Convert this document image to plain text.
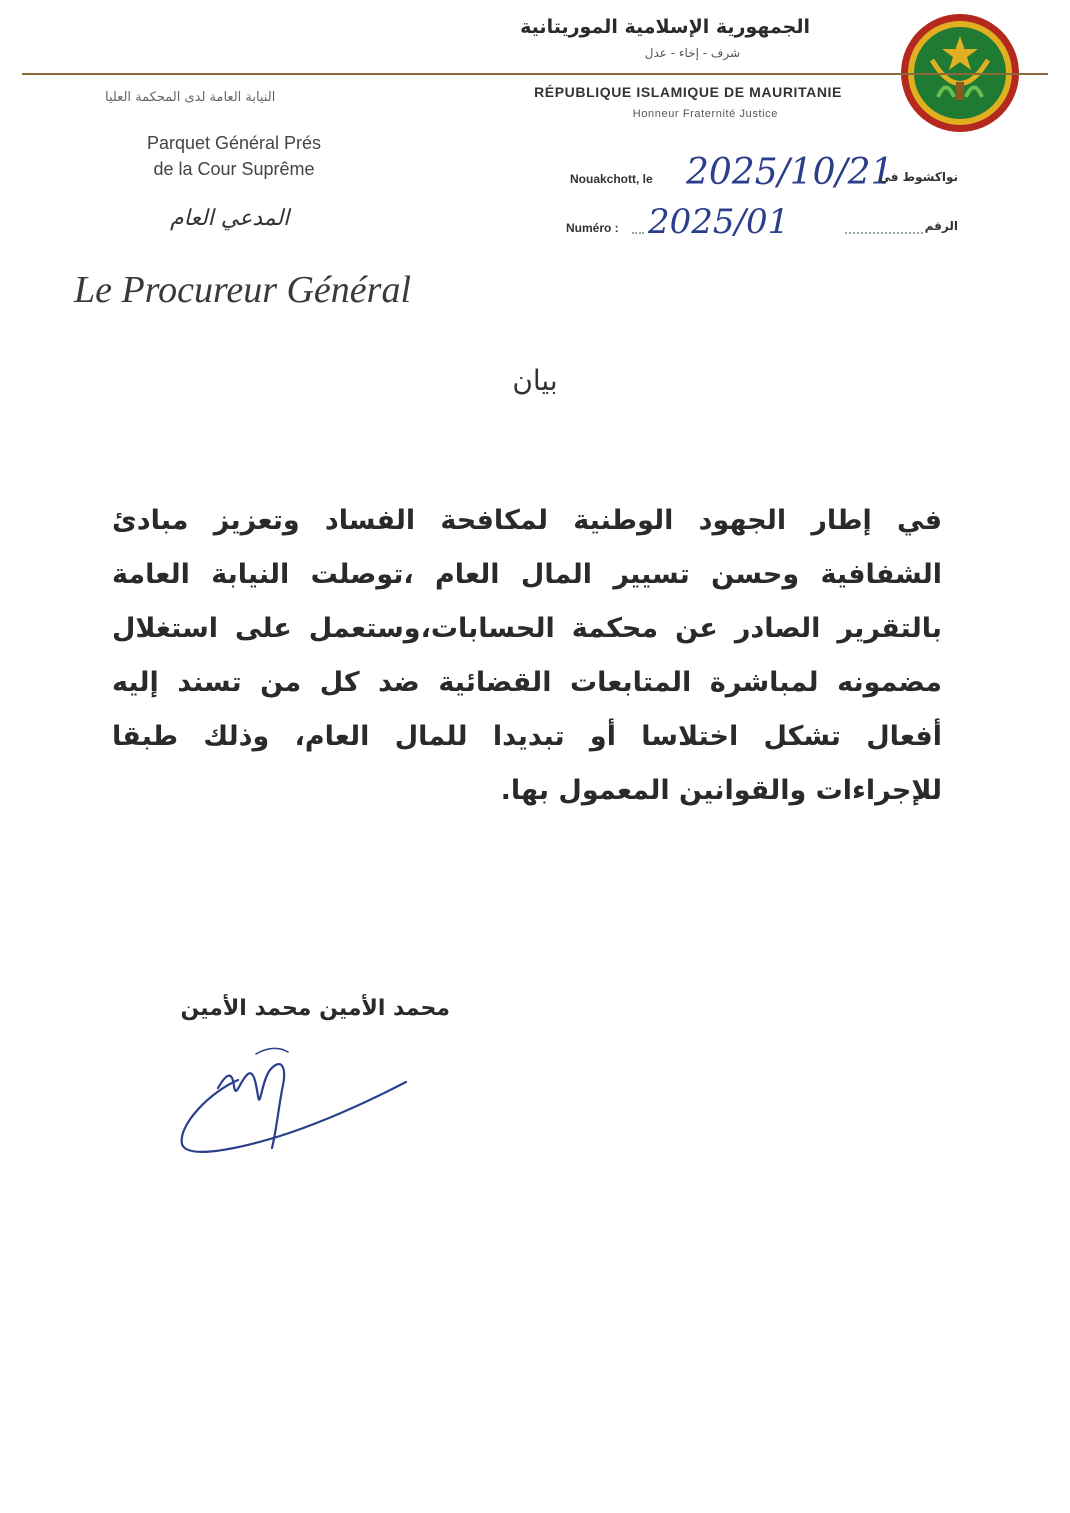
الجمهورية الإسلامية الموريتانية
شرف - إخاء - عدل
RÉPUBLIQUE ISLAMIQUE DE MAURITANIE
Honneur Fraternité Justice
النيابة العامة لدى المحكمة العليا
Parquet Général Prés
de la Cour Suprême
المدعي العام
Le Procureur Général
Nouakchott, le 2025/10/21
نواكشوط في
Numéro : 2025/01	الرقم
بيان
في إطار الجهود الوطنية لمكافحة الفساد وتعزيز مبادئ الشفافية وحسن تسيير المال العام ،توصلت النيابة العامة بالتقرير الصادر عن محكمة الحسابات،وستعمل على استغلال مضمونه لمباشرة المتابعات القضائية ضد كل من تسند إليه أفعال تشكل اختلاسا أو تبديدا للمال العام، وذلك طبقا للإجراءات والقوانين المعمول بها.
محمد الأمين محمد الأمين
